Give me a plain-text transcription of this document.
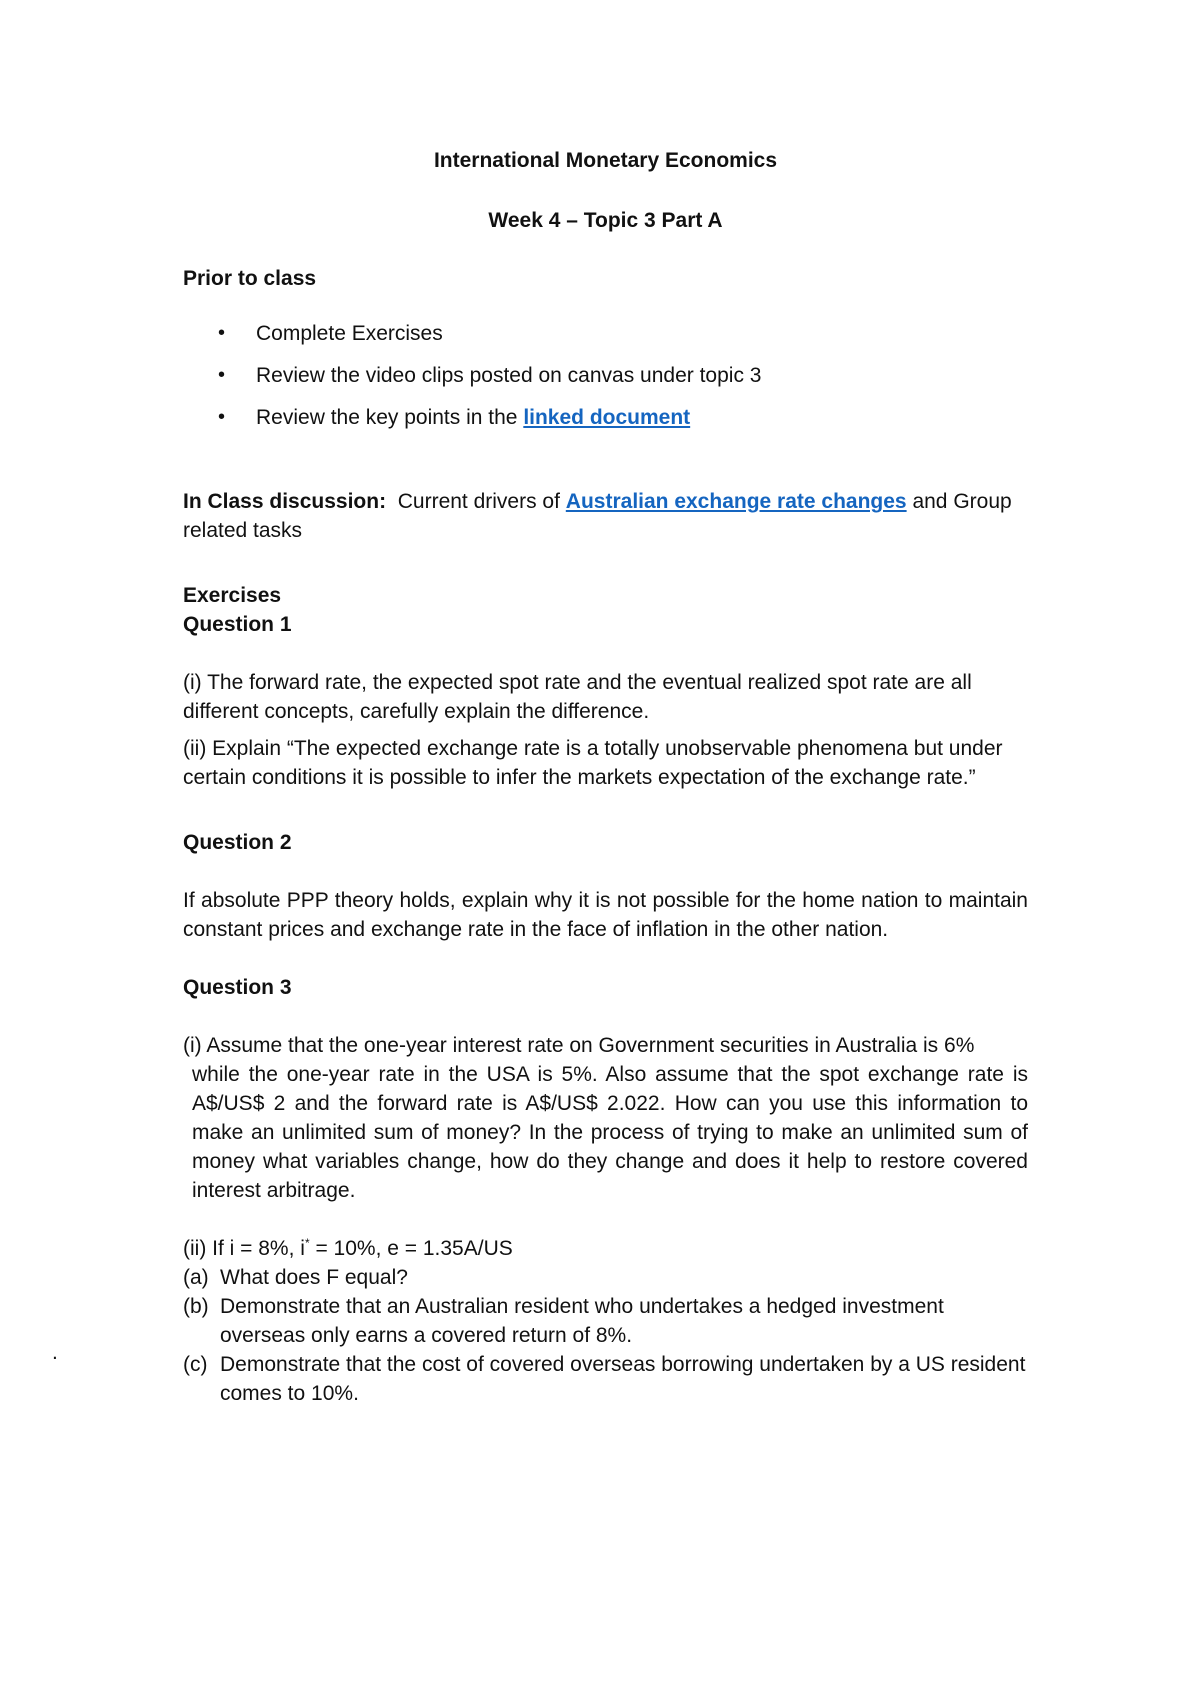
.

International Monetary Economics

Week 4 – Topic 3 Part A

Prior to class

• Complete Exercises
• Review the video clips posted on canvas under topic 3
• Review the key points in the linked document

In Class discussion:  Current drivers of Australian exchange rate changes and Group related tasks

Exercises

Question 1

(i) The forward rate, the expected spot rate and the eventual realized spot rate are all different concepts, carefully explain the difference.

(ii) Explain “The expected exchange rate is a totally unobservable phenomena but under certain conditions it is possible to infer the markets expectation of the exchange rate.”

Question 2

If absolute PPP theory holds, explain why it is not possible for the home nation to maintain constant prices and exchange rate in the face of inflation in the other nation.

Question 3

(i) Assume that the one-year interest rate on Government securities in Australia is 6%
while the one-year rate in the USA is 5%. Also assume that the spot exchange rate is A$/US$ 2 and the forward rate is A$/US$ 2.022. How can you use this information to make an unlimited sum of money? In the process of trying to make an unlimited sum of money what variables change, how do they change and does it help to restore covered interest arbitrage.

(ii) If i = 8%, i* = 10%, e = 1.35A/US

(a) What does F equal?
(b) Demonstrate that an Australian resident who undertakes a hedged investment overseas only earns a covered return of 8%.
(c) Demonstrate that the cost of covered overseas borrowing undertaken by a US resident comes to 10%.
